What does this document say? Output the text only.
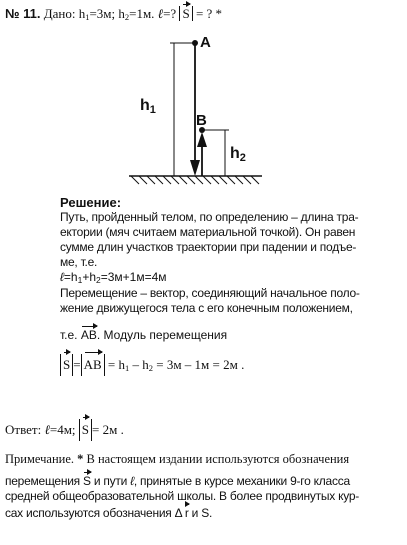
№ 11. Дано: $h_1=3м$; $h_2=1м$. ℓ=? S = ? *
h1
A
B
h2
Решение:
Путь, пройденный телом, по определению – длина тра-
ектории (мяч считаем материальной точкой). Он равен
сумме длин участков траектории при падении и подъе-
ме, т.е.
$\ell=h_1+h_2=3м+1м=4м$
Перемещение – вектор, соединяющий начальное поло-
жение движущегося тела с его конечным положением,
т.е. AB. Модуль перемещения
S = AB = $h_1 - h_2 = 3м - 1м = 2м$ .
Ответ: ℓ=4м; S = 2м .
Примечание. * В настоящем издании используются обозначения
перемещения S и пути ℓ, принятые в курсе механики 9-го класса
средней общеобразовательной школы. В более продвинутых кур-
сах используются обозначения Δ r и S.
